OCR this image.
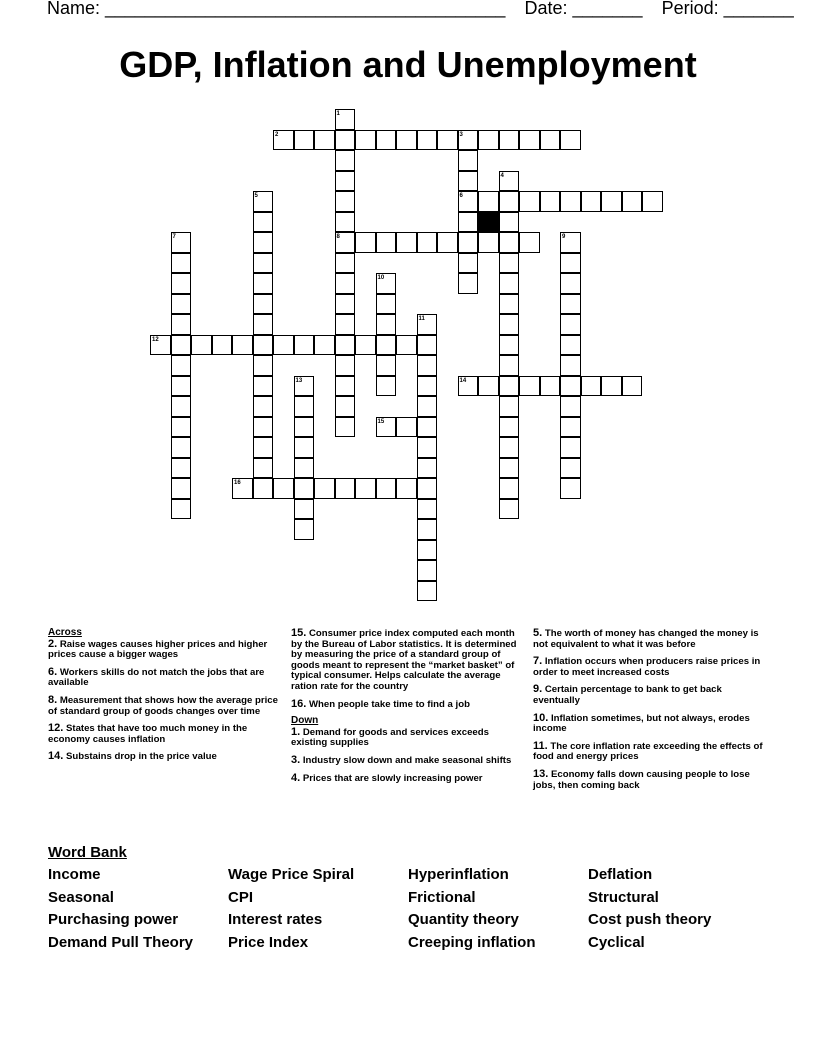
Name: ________________________________________ Date: _______ Period: _______
GDP, Inflation and Unemployment
1
2	3
4
5	6
7	8	9
10
11
12
13	14
15
16
Across
2. Raise wages causes higher prices and higher prices cause a bigger wages
6. Workers skills do not match the jobs that are available
8. Measurement that shows how the average price of standard group of goods changes over time
12. States that have too much money in the economy causes inflation
14. Substains drop in the price value
15. Consumer price index computed each month by the Bureau of Labor statistics. It is determined by measuring the price of a standard group of goods meant to represent the “market basket” of typical consumer. Helps calculate the average ration rate for the country
16. When people take time to find a job
Down
1. Demand for goods and services exceeds existing supplies
3. Industry slow down and make seasonal shifts
4. Prices that are slowly increasing power
5. The worth of money has changed the money is not equivalent to what it was before
7. Inflation occurs when producers raise prices in order to meet increased costs
9. Certain percentage to bank to get back eventually
10. Inflation sometimes, but not always, erodes income
11. The core inflation rate exceeding the effects of food and energy prices
13. Economy falls down causing people to lose jobs, then coming back
Word Bank
Income	Wage Price Spiral	Hyperinflation	Deflation
Seasonal	CPI	Frictional	Structural
Purchasing power	Interest rates	Quantity theory	Cost push theory
Demand Pull Theory	Price Index	Creeping inflation	Cyclical
